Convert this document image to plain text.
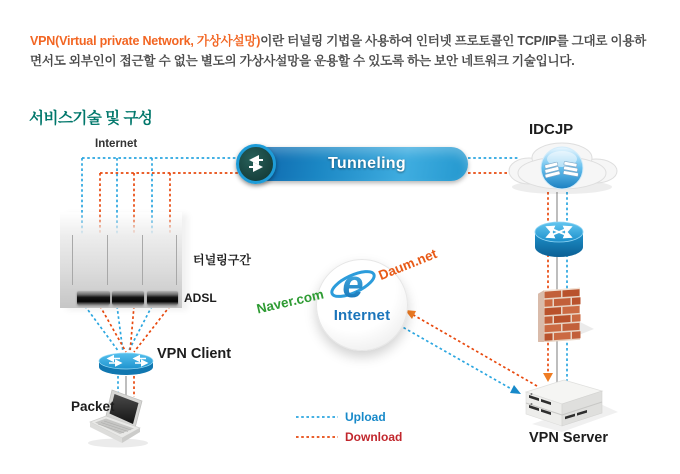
VPN(Virtual private Network, 가상사설망)이란 터널링 기법을 사용하여 인터넷 프로토콜인 TCP/IP를 그대로 이용하면서도 외부인이 접근할 수 없는 별도의 가상사설망을 운용할 수 있도록 하는 보안 네트워크 기술입니다.

서비스기술 및 구성
Internet
터널링구간
ADSL
Tunneling
IDCJP
VPN Server
e
Internet
Naver.com
Daum.net
VPN Client
Packet
Upload
Download
